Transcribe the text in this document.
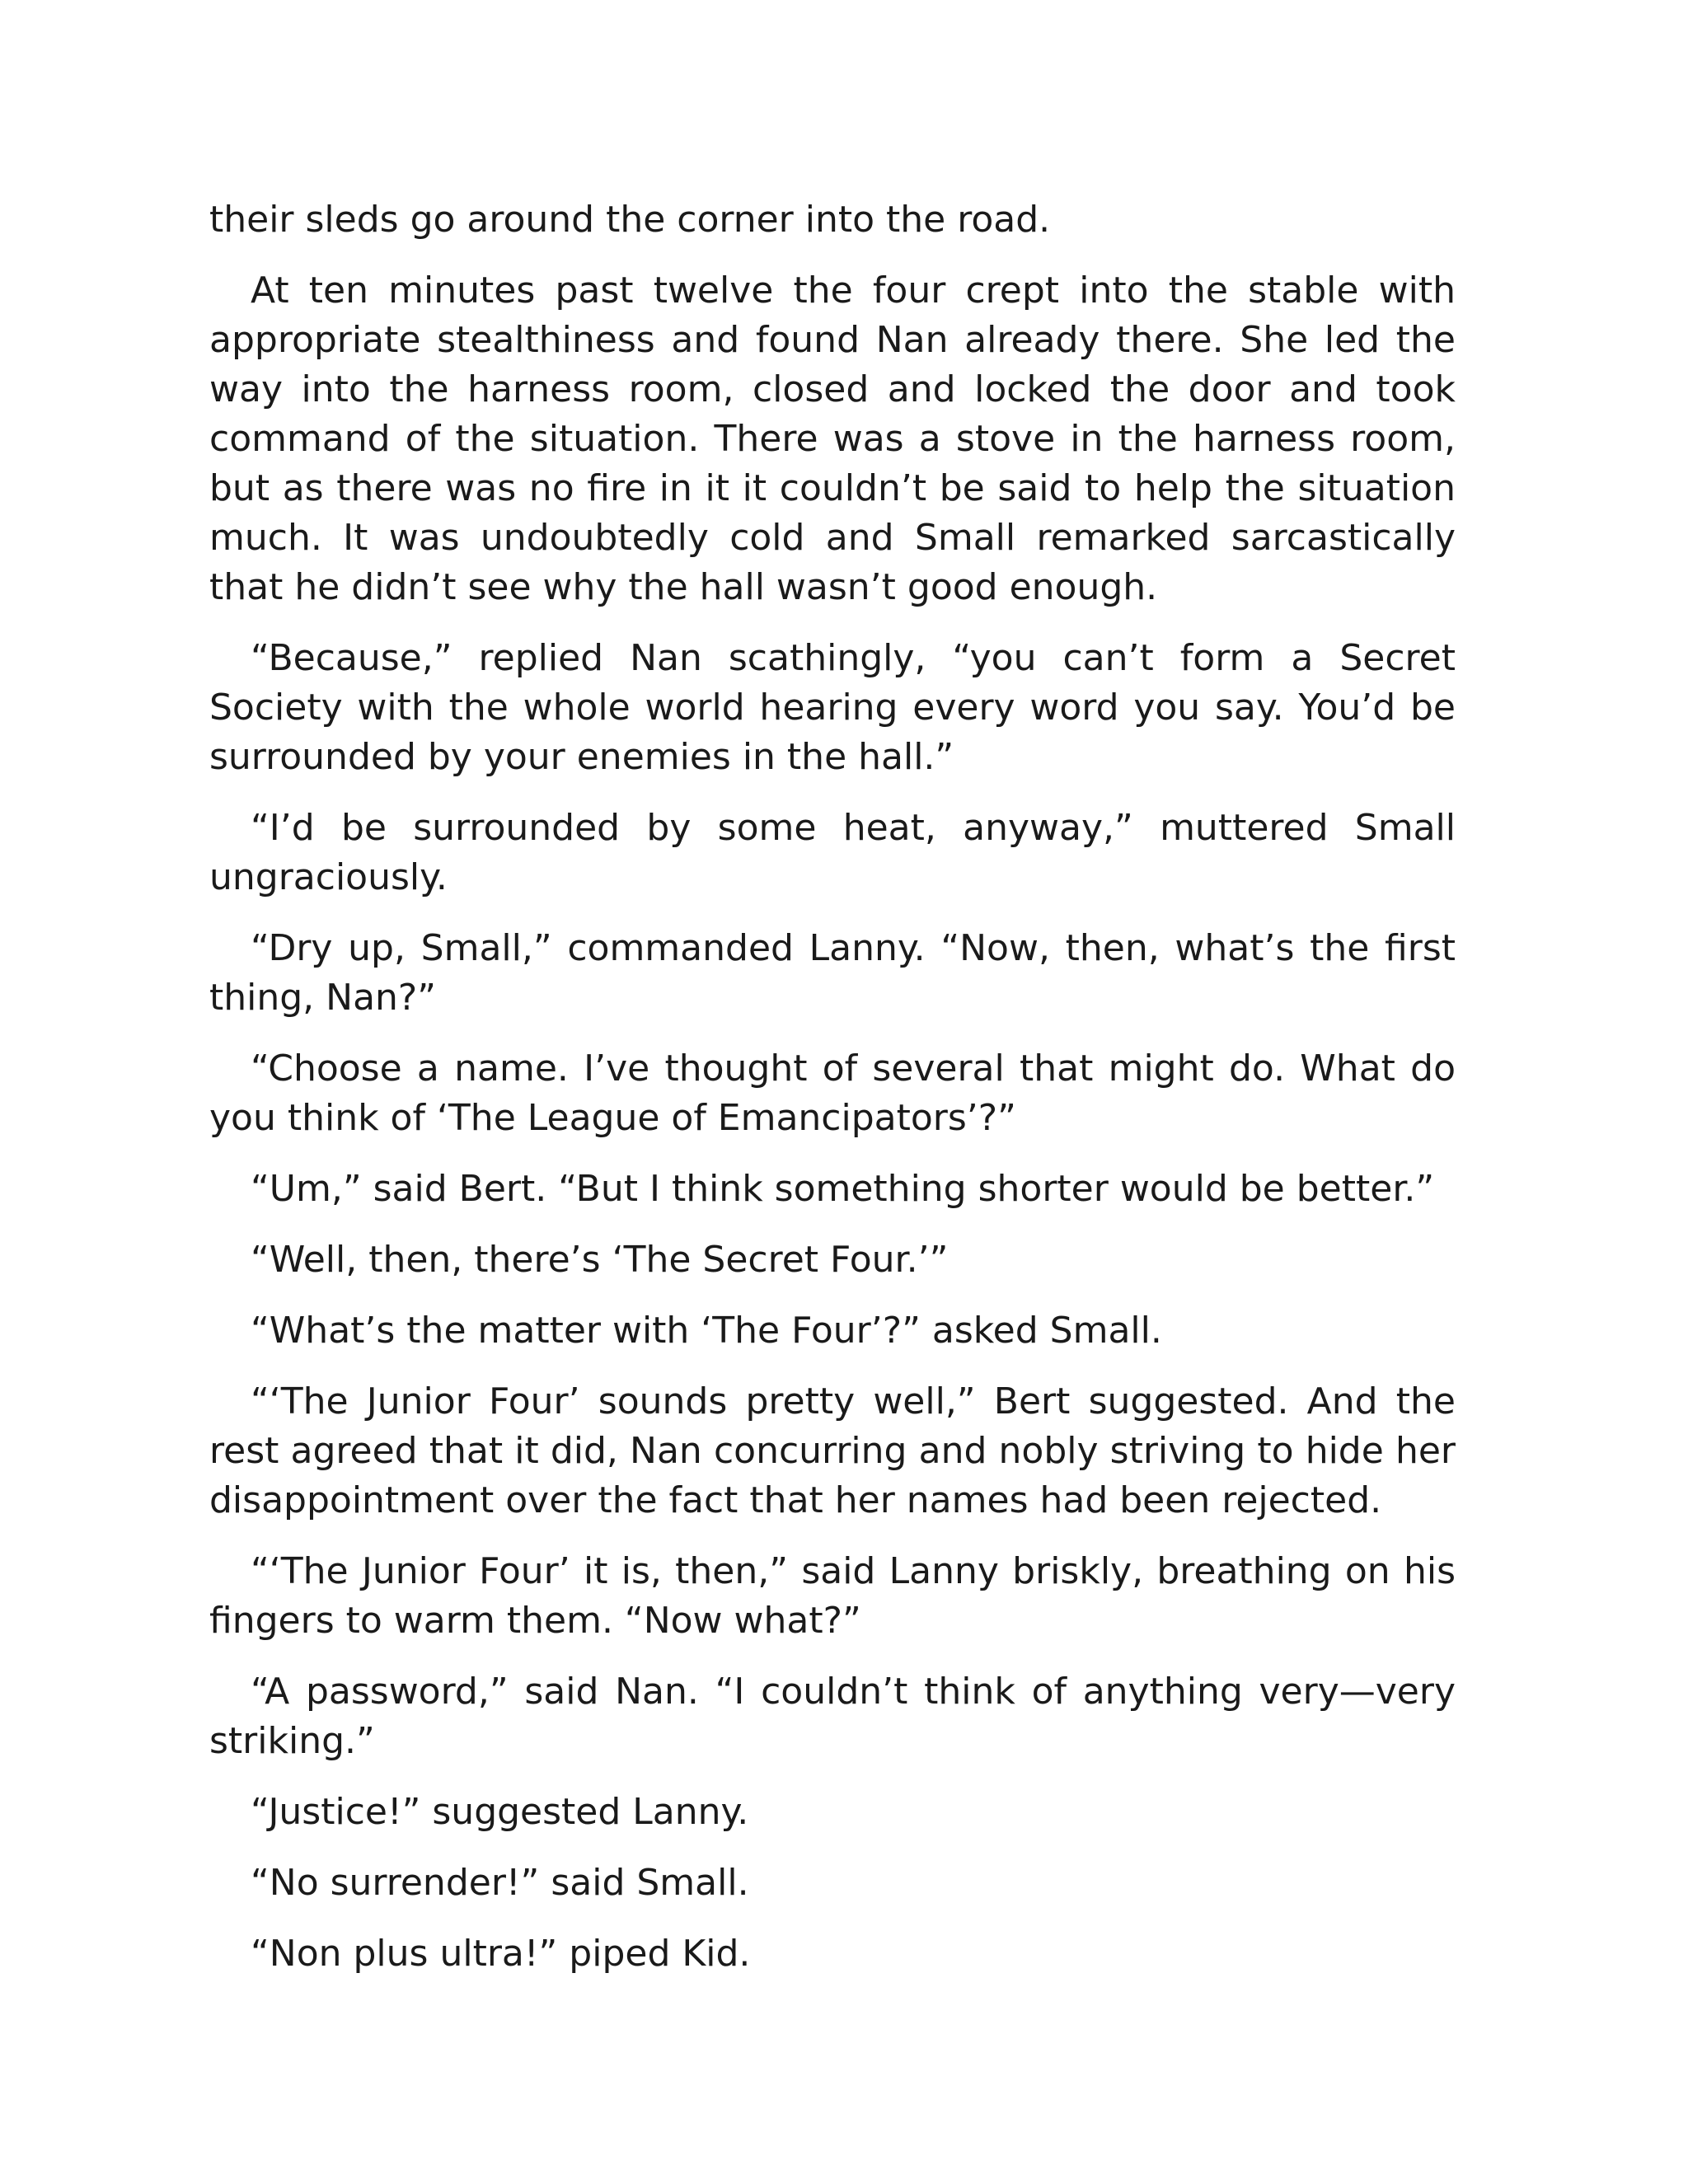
their sleds go around the corner into the road.

At ten minutes past twelve the four crept into the stable with appropriate stealthiness and found Nan already there. She led the way into the harness room, closed and locked the door and took command of the situation. There was a stove in the harness room, but as there was no fire in it it couldn’t be said to help the situation much. It was undoubtedly cold and Small remarked sarcastically that he didn’t see why the hall wasn’t good enough.

“Because,” replied Nan scathingly, “you can’t form a Secret Society with the whole world hearing every word you say. You’d be surrounded by your enemies in the hall.”

“I’d be surrounded by some heat, anyway,” muttered Small ungraciously.

“Dry up, Small,” commanded Lanny. “Now, then, what’s the first thing, Nan?”

“Choose a name. I’ve thought of several that might do. What do you think of ‘The League of Emancipators’?”

“Um,” said Bert. “But I think something shorter would be better.”

“Well, then, there’s ‘The Secret Four.’”

“What’s the matter with ‘The Four’?” asked Small.

“‘The Junior Four’ sounds pretty well,” Bert suggested. And the rest agreed that it did, Nan concurring and nobly striving to hide her disappointment over the fact that her names had been rejected.

“‘The Junior Four’ it is, then,” said Lanny briskly, breathing on his fingers to warm them. “Now what?”

“A password,” said Nan. “I couldn’t think of anything very—very striking.”

“Justice!” suggested Lanny.

“No surrender!” said Small.

“Non plus ultra!” piped Kid.
